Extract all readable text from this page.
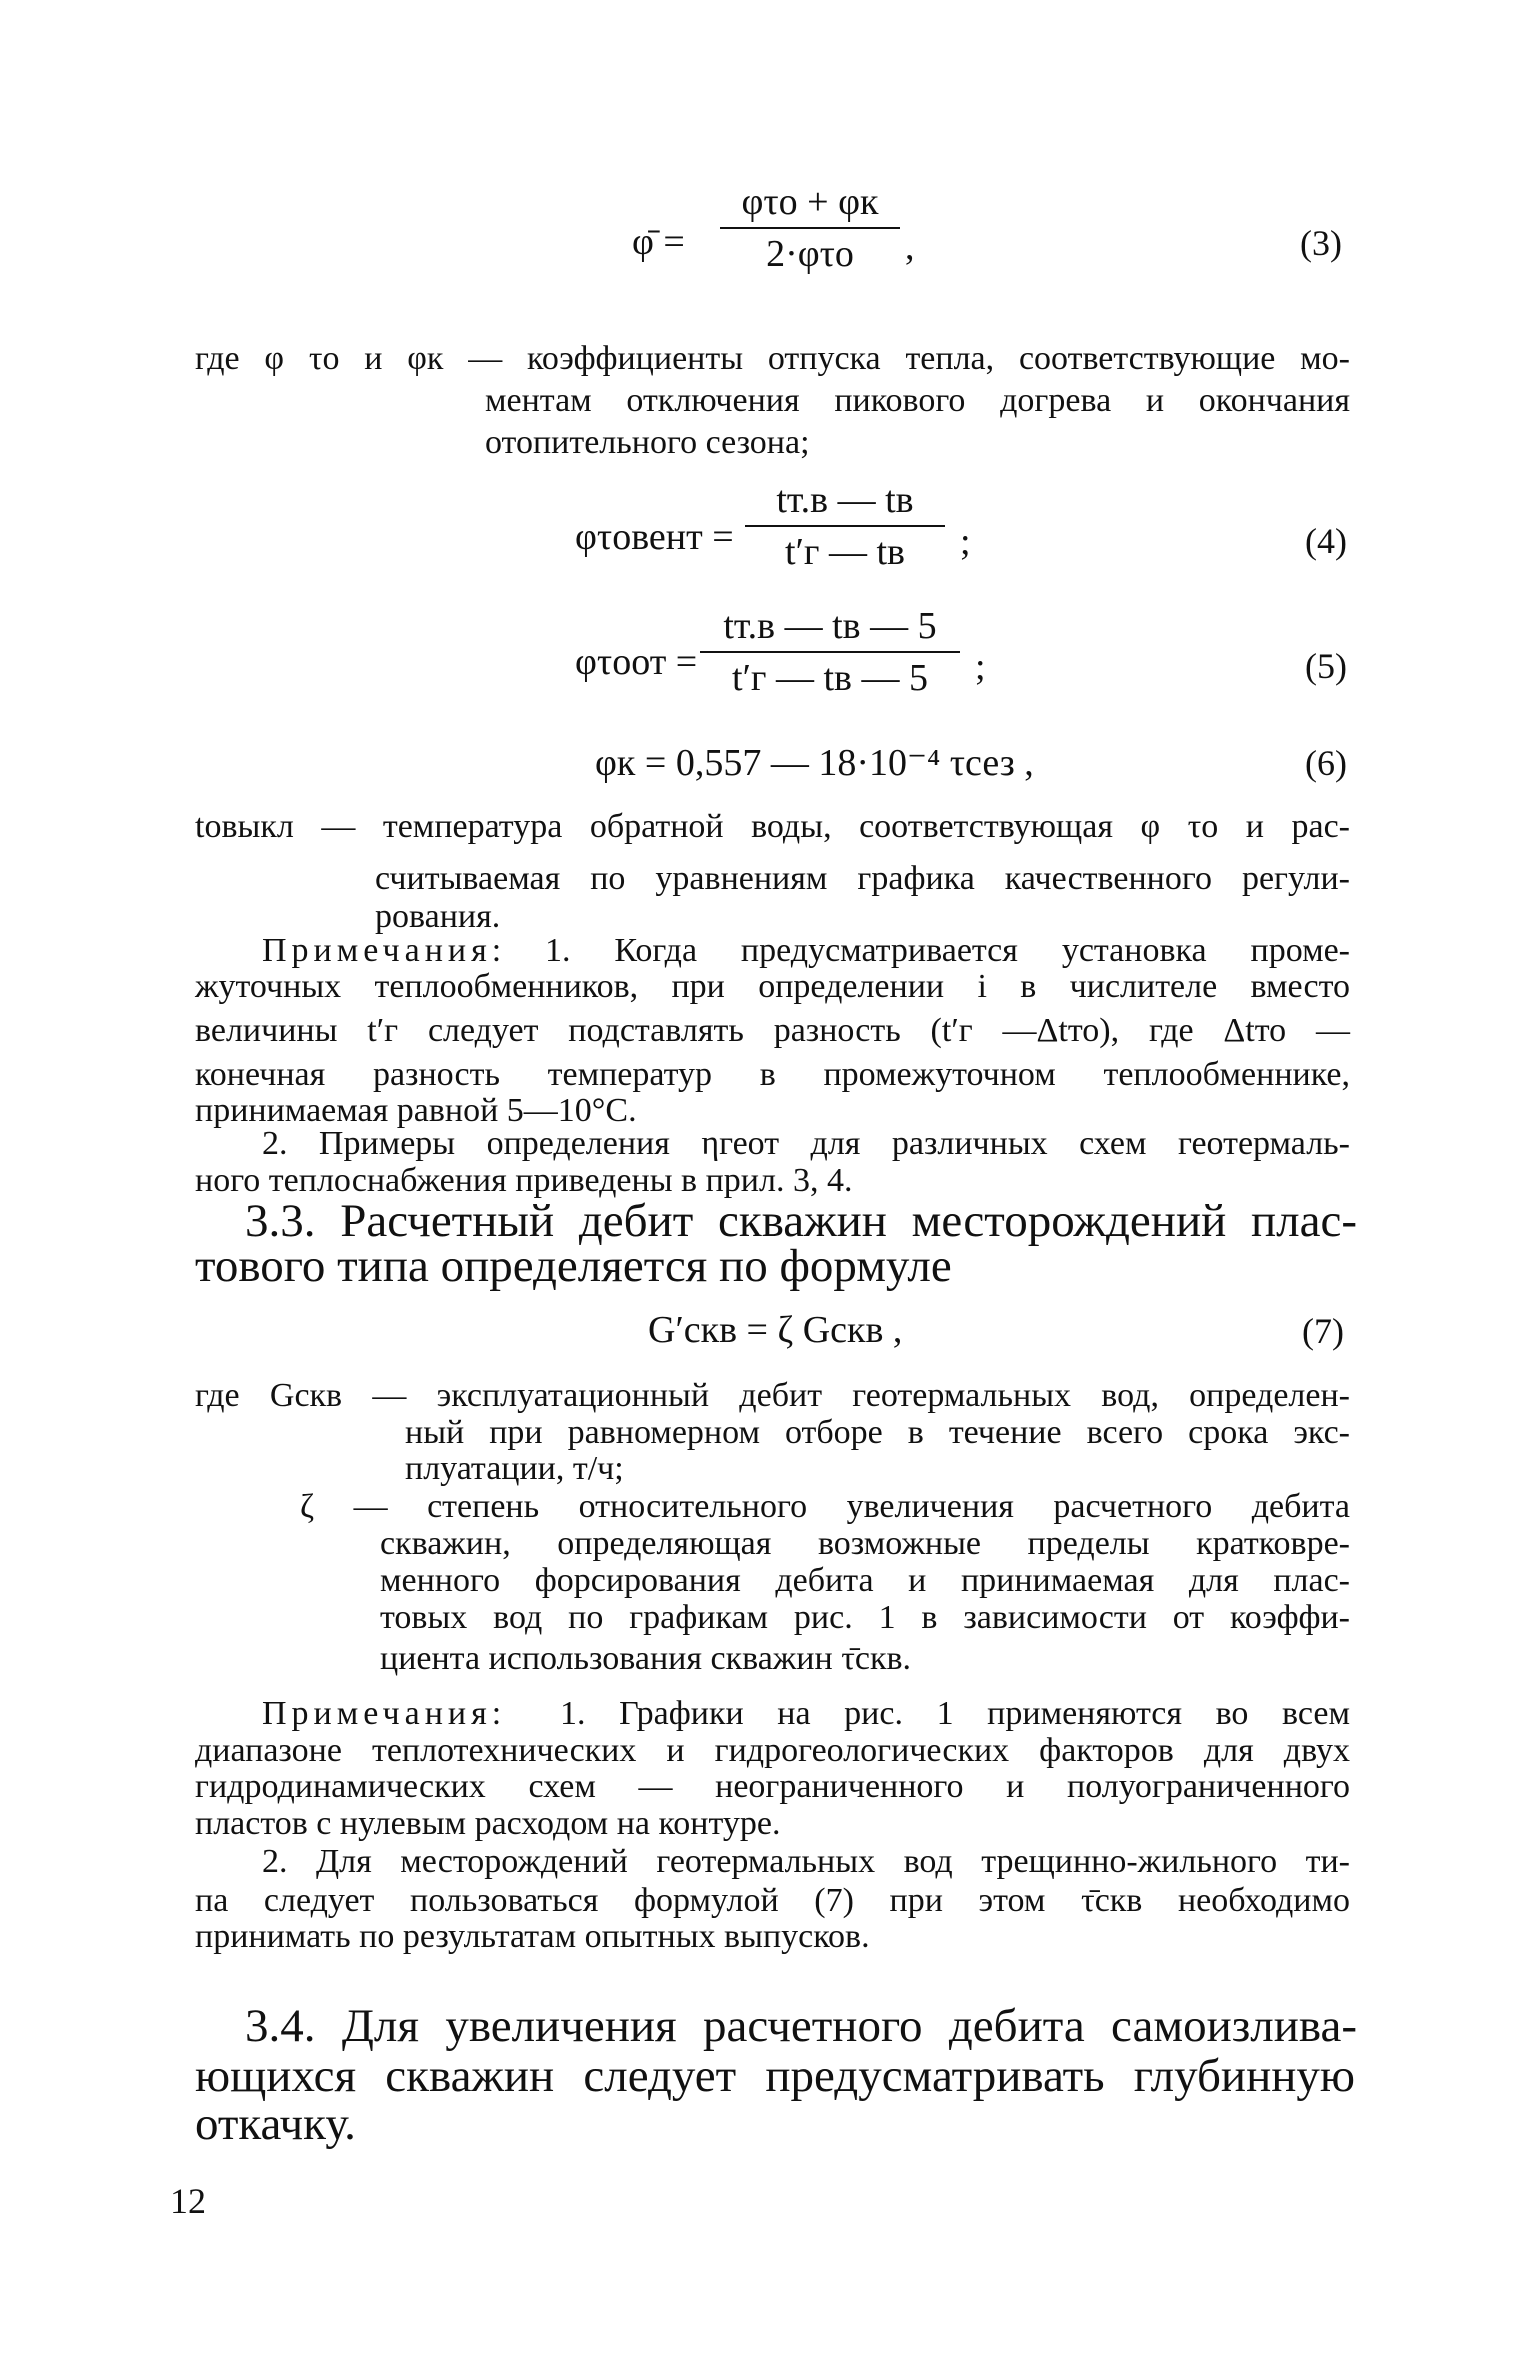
φ̄ =
φτo + φк
2·φτo	,	(3)
где φ τo и φк — коэффициенты отпуска тепла, соответствующие мо-
ментам отключения пикового догрева и окончания
отопительного сезона;
φτoвент =
tт.в — tв
t′г — tв	;	(4)
φτoот =
tт.в — tв — 5
t′г — tв — 5	;	(5)
φк = 0,557 — 18·10⁻⁴ τсез ,	(6)
toвыкл — температура обратной воды, соответствующая φ τo и рас-
считываемая по уравнениям графика качественного регули-
рования.
Примечания: 1. Когда предусматривается установка проме-
жуточных теплообменников, при определении i в числителе вместо
величины t′г следует подставлять разность (t′г —Δtто), где Δtто —
конечная разность температур в промежуточном теплообменнике,
принимаемая равной 5—10°С.
2. Примеры определения ηгеот для различных схем геотермаль-
ного теплоснабжения приведены в прил. 3, 4.
3.3. Расчетный дебит скважин месторождений плас-
тового типа определяется по формуле
G′скв = ζ Gскв ,	(7)
где Gскв — эксплуатационный дебит геотермальных вод, определен-
ный при равномерном отборе в течение всего срока экс-
плуатации, т/ч;
ζ — степень относительного увеличения расчетного дебита
скважин, определяющая возможные пределы кратковре-
менного форсирования дебита и принимаемая для плас-
товых вод по графикам рис. 1 в зависимости от коэффи-
циента использования скважин τ̄скв.
Примечания: 1. Графики на рис. 1 применяются во всем
диапазоне теплотехнических и гидрогеологических факторов для двух
гидродинамических схем — неограниченного и полуограниченного
пластов с нулевым расходом на контуре.
2. Для месторождений геотермальных вод трещинно-жильного ти-
па следует пользоваться формулой (7) при этом τ̄скв необходимо
принимать по результатам опытных выпусков.
3.4. Для увеличения расчетного дебита самоизлива-
ющихся скважин следует предусматривать глубинную
откачку.
12
